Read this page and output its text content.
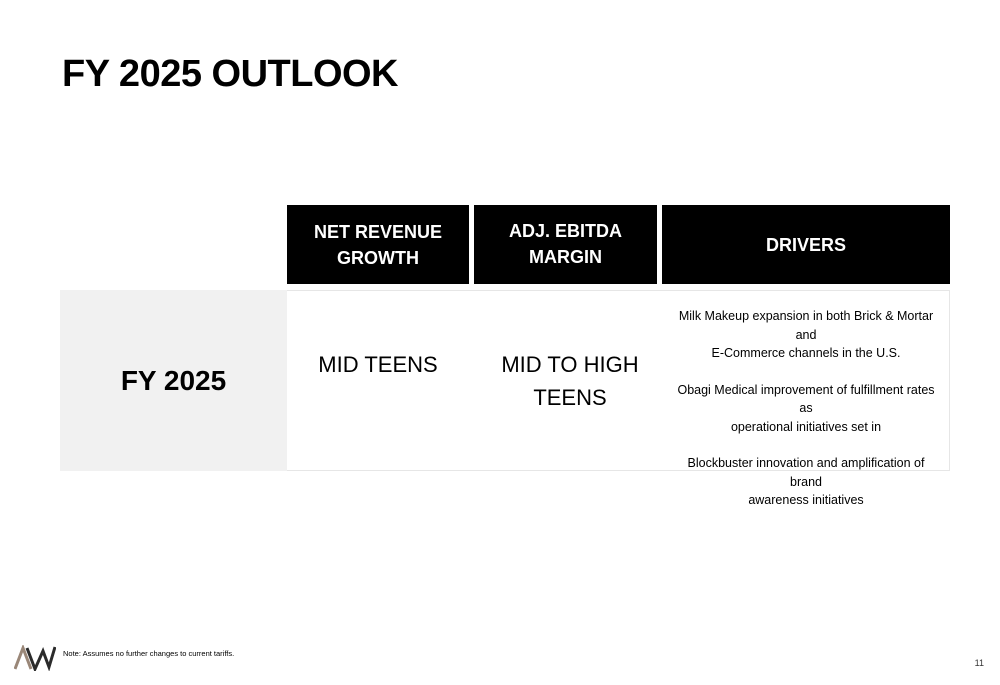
FY 2025 OUTLOOK
NET REVENUE
GROWTH
ADJ. EBITDA
MARGIN
DRIVERS
FY 2025	MID TEENS	MID TO HIGH
TEENS
Milk Makeup expansion in both Brick & Mortar and
E-Commerce channels in the U.S.
Obagi Medical improvement of fulfillment rates as
operational initiatives set in
Blockbuster innovation and amplification of brand
awareness initiatives
Note: Assumes no further changes to current tariffs.
11
